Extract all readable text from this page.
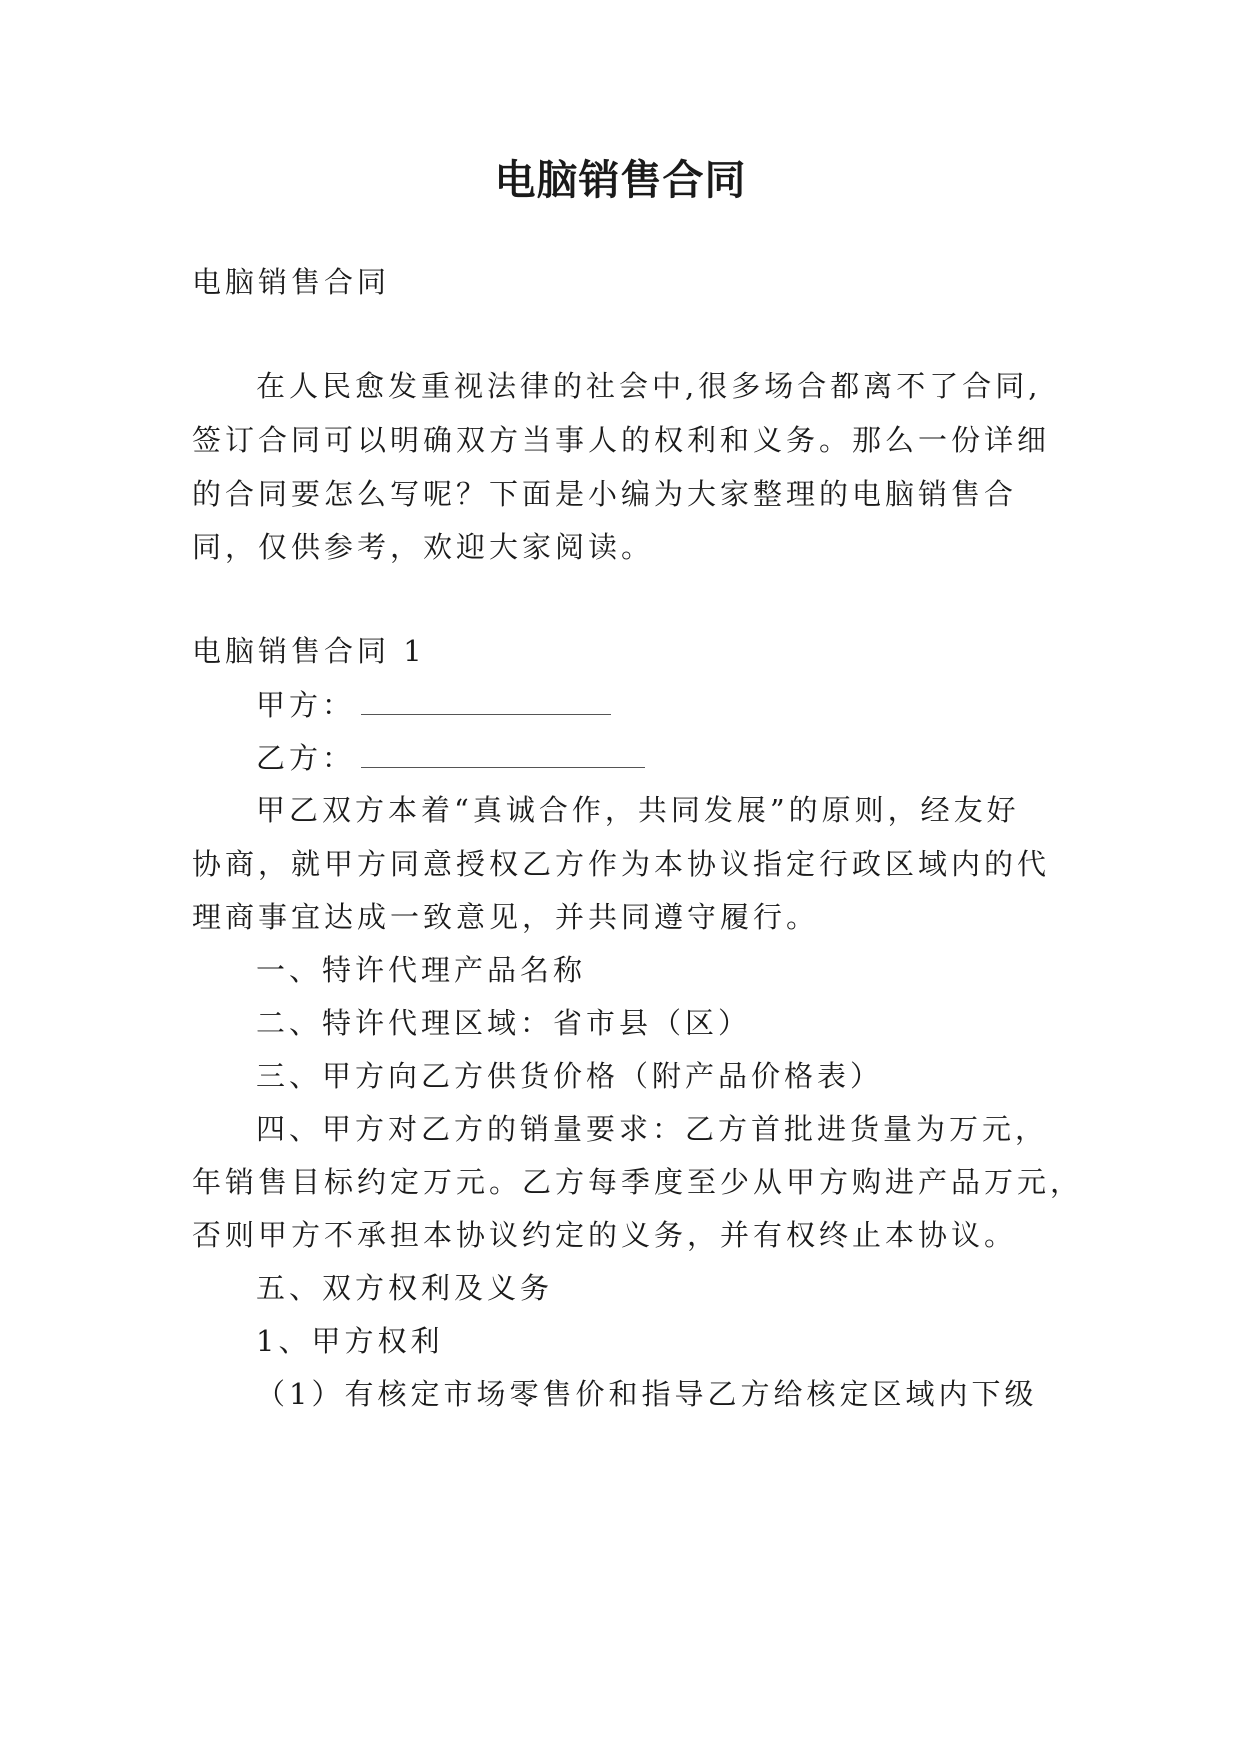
电脑销售合同
电脑销售合同
在人民愈发重视法律的社会中,很多场合都离不了合同,
签订合同可以明确双方当事人的权利和义务。那么一份详细
的合同要怎么写呢？下面是小编为大家整理的电脑销售合
同，仅供参考，欢迎大家阅读。
电脑销售合同 1
甲方：
乙方：
甲乙双方本着“真诚合作，共同发展”的原则，经友好
协商，就甲方同意授权乙方作为本协议指定行政区域内的代
理商事宜达成一致意见，并共同遵守履行。
一、特许代理产品名称
二、特许代理区域：省市县（区）
三、甲方向乙方供货价格（附产品价格表）
四、甲方对乙方的销量要求：乙方首批进货量为万元，
年销售目标约定万元。乙方每季度至少从甲方购进产品万元，
否则甲方不承担本协议约定的义务，并有权终止本协议。
五、双方权利及义务
1、甲方权利
（1）有核定市场零售价和指导乙方给核定区域内下级
